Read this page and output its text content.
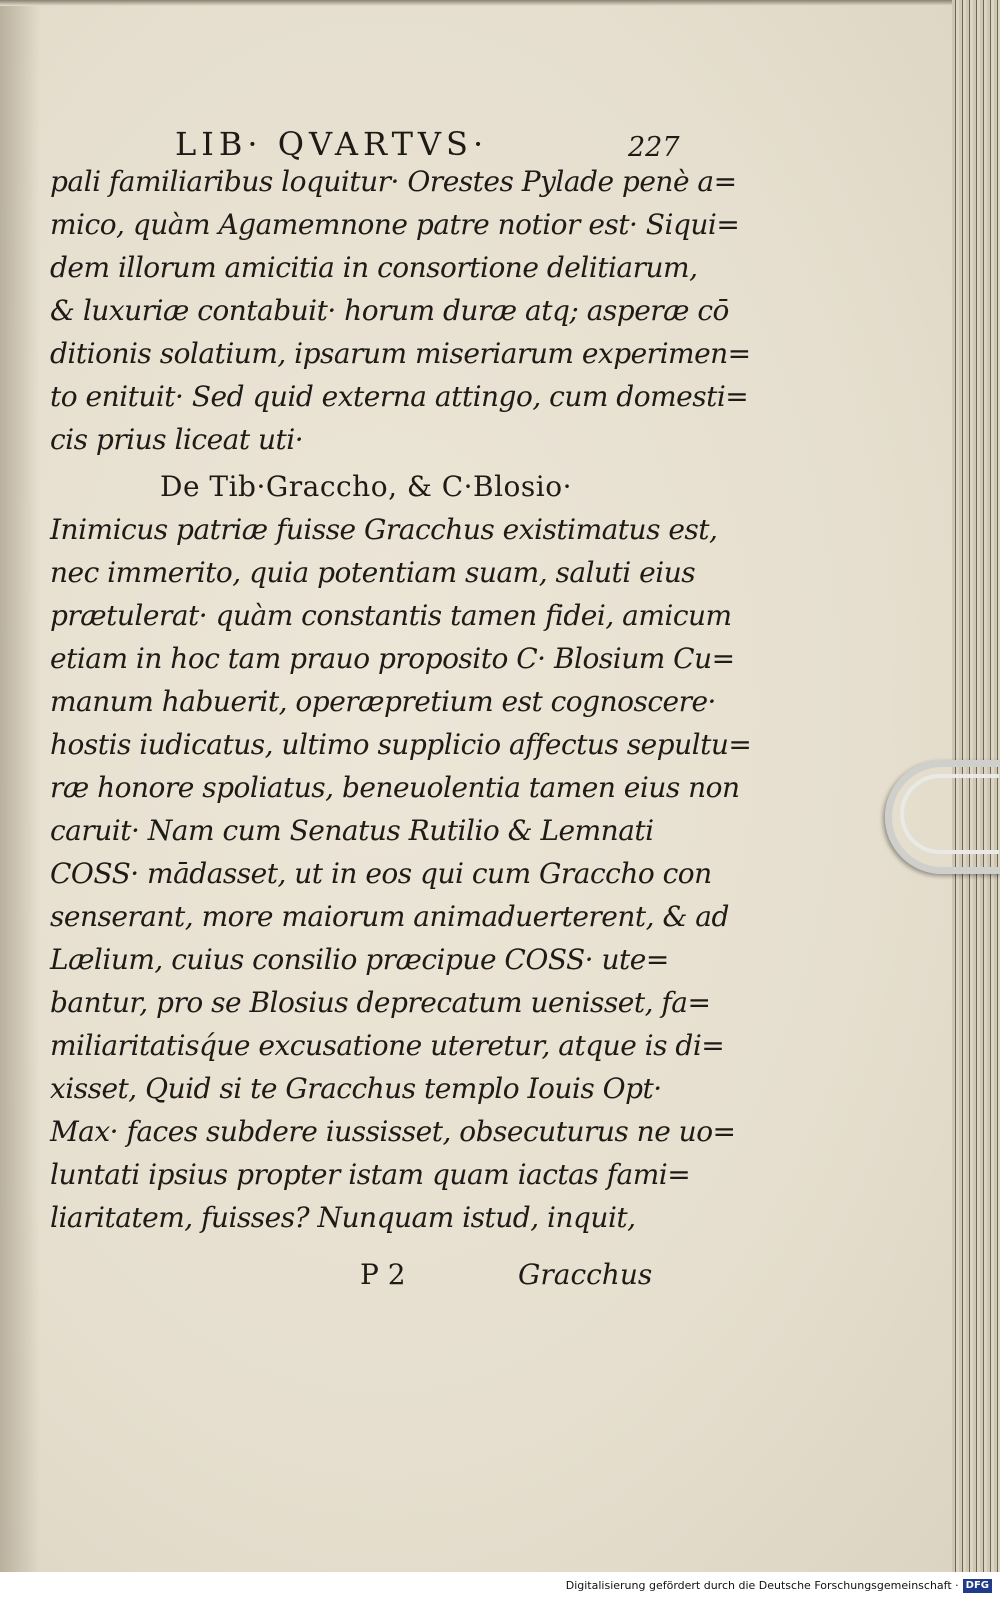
LIB· QVARTVS·	227
pali familiaribus loquitur· Orestes Pylade penè a=
mico, quàm Agamemnone patre notior est· Siqui=
dem illorum amicitia in consortione delitiarum,
& luxuriæ contabuit· horum duræ atq; asperæ cō
ditionis solatium, ipsarum miseriarum experimen=
to enituit· Sed quid externa attingo, cum domesti=
cis prius liceat uti·
De Tib·Graccho, & C·Blosio·
Inimicus patriæ fuisse Gracchus existimatus est,
nec immerito, quia potentiam suam, saluti eius
prætulerat· quàm constantis tamen fidei, amicum
etiam in hoc tam prauo proposito C· Blosium Cu=
manum habuerit, operæpretium est cognoscere·
hostis iudicatus, ultimo supplicio affectus sepultu=
ræ honore spoliatus, beneuolentia tamen eius non
caruit· Nam cum Senatus Rutilio & Lemnati
COSS· mādasset, ut in eos qui cum Graccho con
senserant, more maiorum animaduerterent, & ad
Lælium, cuius consilio præcipue COSS· ute=
bantur, pro se Blosius deprecatum uenisset, fa=
miliaritatisq́ue excusatione uteretur, atque is di=
xisset, Quid si te Gracchus templo Iouis Opt·
Max· faces subdere iussisset, obsecuturus ne uo=
luntati ipsius propter istam quam iactas fami=
liaritatem, fuisses? Nunquam istud, inquit,
P 2	Gracchus
Digitalisierung gefördert durch die Deutsche Forschungsgemeinschaft · DFG
